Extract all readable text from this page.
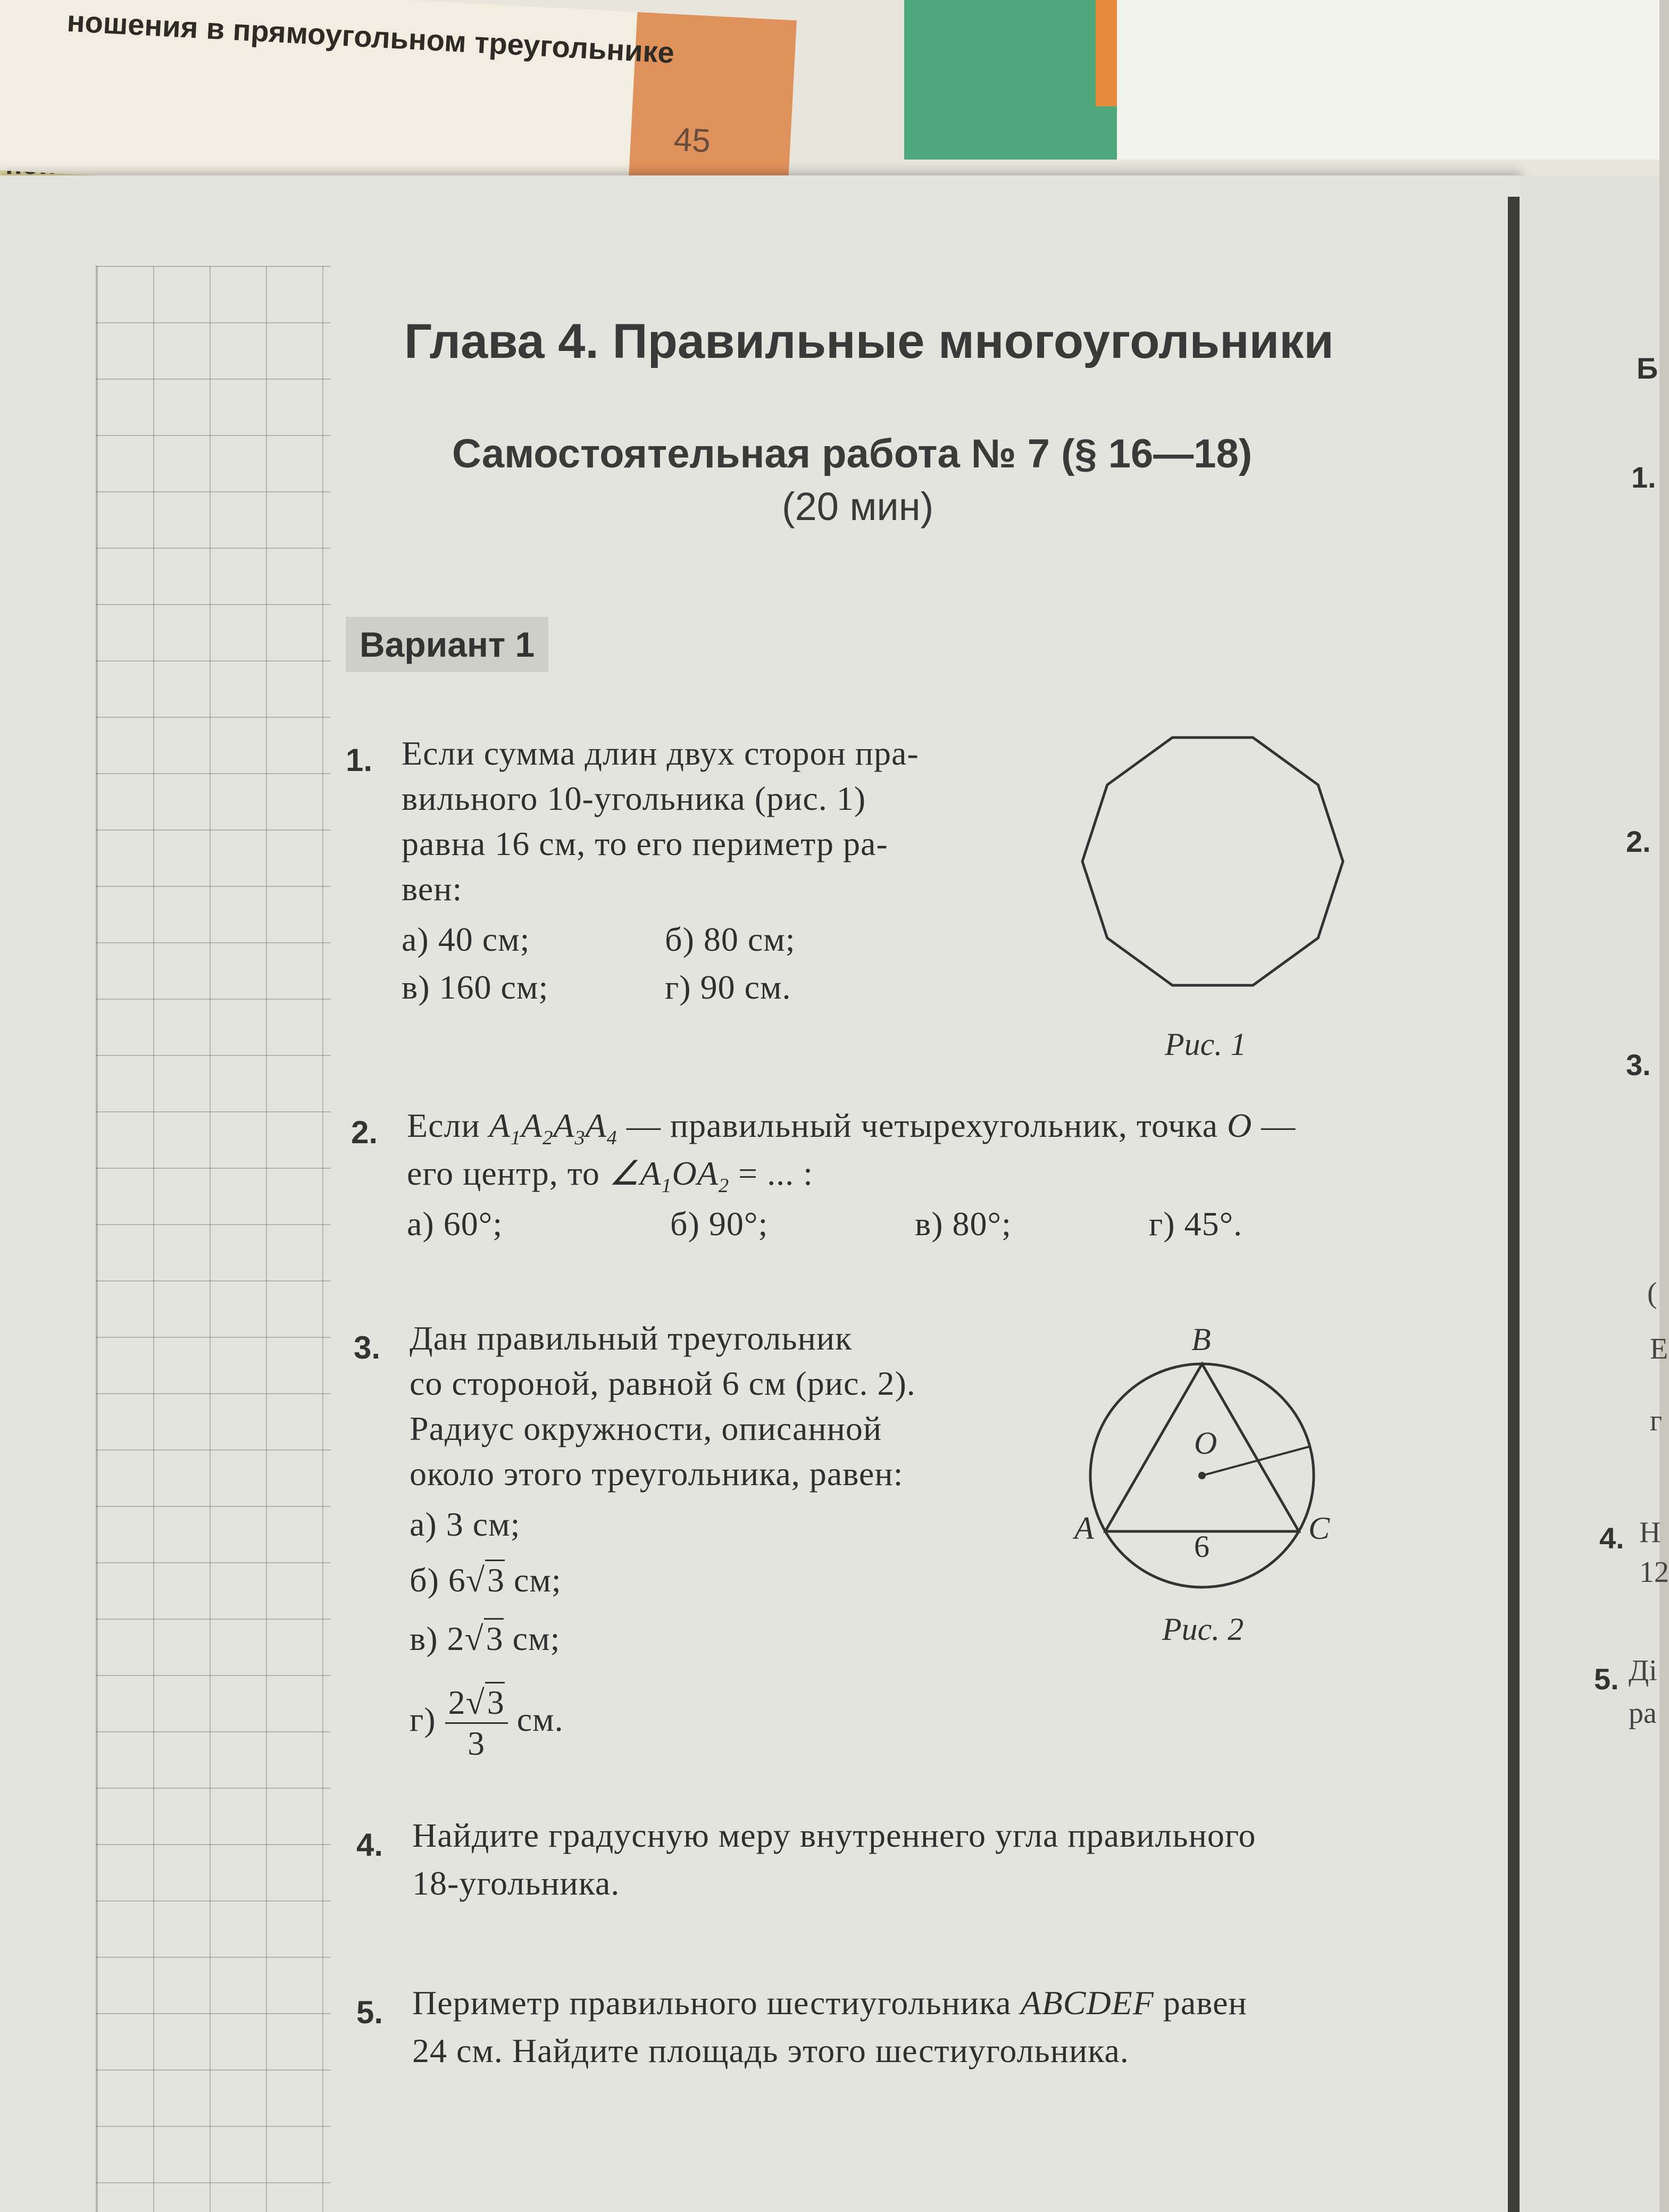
ношения в прямоугольном треугольнике
45
Б
1.
2.
3.
(
Е
г
4. Н
12
5. Ді
ра
Глава 4. Правильные многоугольники
Самостоятельная работа № 7 (§ 16—18)
(20 мин)
Вариант 1
1. Если сумма длин двух сторон пра-
вильного 10-угольника (рис. 1)
равна 16 см, то его периметр ра-
вен:
а) 40 см;	б) 80 см;
в) 160 см;	г) 90 см.
Рис. 1
2. Если $A_1A_2A_3A_4$ — правильный четырехугольник, точка O —
его центр, то $\angle A_1OA_2$ = ... :
а) 60°;	б) 90°;	в) 80°;	г) 45°.
3. Дан правильный треугольник
со стороной, равной 6 см (рис. 2).
Радиус окружности, описанной
около этого треугольника, равен:
а) 3 см;
б) 6√3 см;
в) 2√3 см;
$г) \frac{2√3}{3}$ см.
B
O
A	C
6
Рис. 2
4. Найдите градусную меру внутреннего угла правильного
18-угольника.
5. Периметр правильного шестиугольника ABCDEF равен
24 см. Найдите площадь этого шестиугольника.
